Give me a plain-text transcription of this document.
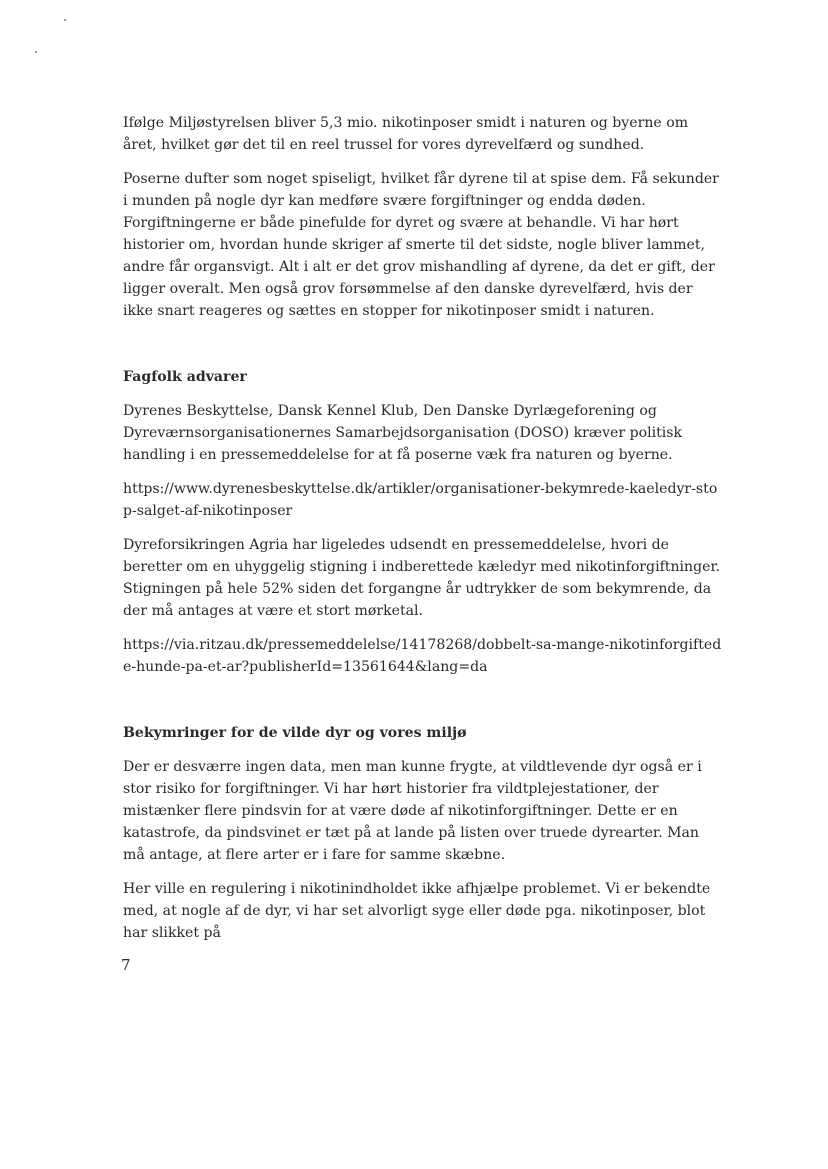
Ifølge Miljøstyrelsen bliver 5,3 mio. nikotinposer smidt i naturen og byerne om året, hvilket gør det til en reel trussel for vores dyrevelfærd og sundhed.

Poserne dufter som noget spiseligt, hvilket får dyrene til at spise dem. Få sekunder i munden på nogle dyr kan medføre svære forgiftninger og endda døden. Forgiftningerne er både pinefulde for dyret og svære at behandle. Vi har hørt historier om, hvordan hunde skriger af smerte til det sidste, nogle bliver lammet, andre får organsvigt. Alt i alt er det grov mishandling af dyrene, da det er gift, der ligger overalt. Men også grov forsømmelse af den danske dyrevelfærd, hvis der ikke snart reageres og sættes en stopper for nikotinposer smidt i naturen.

Fagfolk advarer

Dyrenes Beskyttelse, Dansk Kennel Klub, Den Danske Dyrlægeforening og Dyreværnsorganisationernes Samarbejdsorganisation (DOSO) kræver politisk handling i en pressemeddelelse for at få poserne væk fra naturen og byerne.

https://www.dyrenesbeskyttelse.dk/artikler/organisationer-bekymrede-kaeledyr-stop-salget-af-nikotinposer

Dyreforsikringen Agria har ligeledes udsendt en pressemeddelelse, hvori de beretter om en uhyggelig stigning i indberettede kæledyr med nikotinforgiftninger. Stigningen på hele 52% siden det forgangne år udtrykker de som bekymrende, da der må antages at være et stort mørketal.

https://via.ritzau.dk/pressemeddelelse/14178268/dobbelt-sa-mange-nikotinforgiftede-hunde-pa-et-ar?publisherId=13561644&lang=da

Bekymringer for de vilde dyr og vores miljø

Der er desværre ingen data, men man kunne frygte, at vildtlevende dyr også er i stor risiko for forgiftninger. Vi har hørt historier fra vildtplejestationer, der mistænker flere pindsvin for at være døde af nikotinforgiftninger. Dette er en katastrofe, da pindsvinet er tæt på at lande på listen over truede dyrearter. Man må antage, at flere arter er i fare for samme skæbne.

Her ville en regulering i nikotinindholdet ikke afhjælpe problemet. Vi er bekendte med, at nogle af de dyr, vi har set alvorligt syge eller døde pga. nikotinposer, blot har slikket på

7
